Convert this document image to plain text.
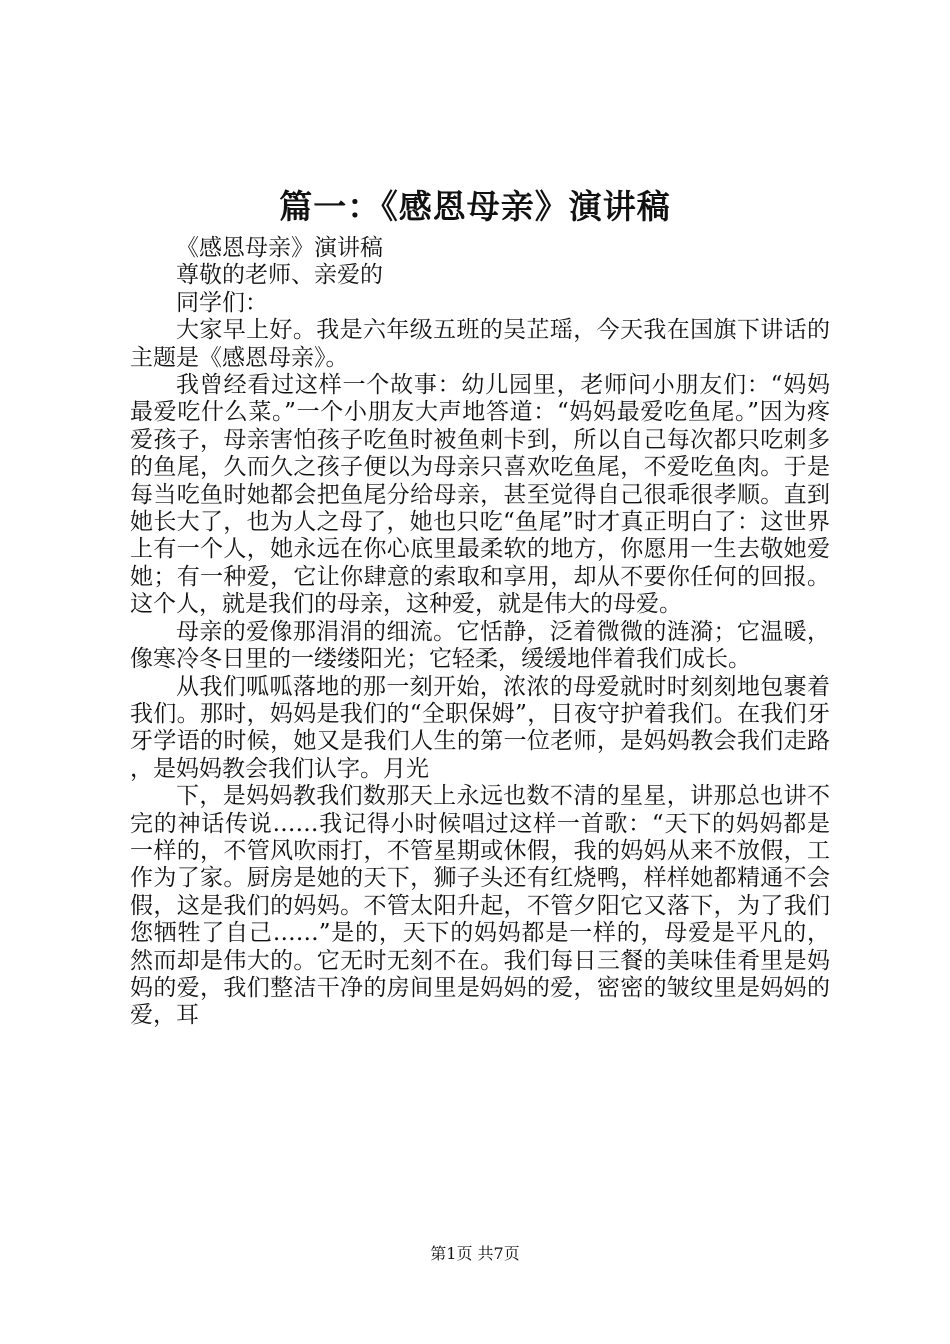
篇一：《感恩母亲》演讲稿

《感恩母亲》演讲稿

尊敬的老师、亲爱的

同学们：

大家早上好。我是六年级五班的吴芷瑶，今天我在国旗下讲话的主题是《感恩母亲》。

我曾经看过这样一个故事：幼儿园里，老师问小朋友们：“妈妈最爱吃什么菜。”一个小朋友大声地答道：“妈妈最爱吃鱼尾。”因为疼爱孩子，母亲害怕孩子吃鱼时被鱼刺卡到，所以自己每次都只吃刺多的鱼尾，久而久之孩子便以为母亲只喜欢吃鱼尾，不爱吃鱼肉。于是每当吃鱼时她都会把鱼尾分给母亲，甚至觉得自己很乖很孝顺。直到她长大了，也为人之母了，她也只吃“鱼尾”时才真正明白了：这世界上有一个人，她永远在你心底里最柔软的地方，你愿用一生去敬她爱她；有一种爱，它让你肆意的索取和享用，却从不要你任何的回报。这个人，就是我们的母亲，这种爱，就是伟大的母爱。

母亲的爱像那涓涓的细流。它恬静，泛着微微的涟漪；它温暖，像寒冷冬日里的一缕缕阳光；它轻柔，缓缓地伴着我们成长。

从我们呱呱落地的那一刻开始，浓浓的母爱就时时刻刻地包裹着我们。那时，妈妈是我们的“全职保姆”，日夜守护着我们。在我们牙牙学语的时候，她又是我们人生的第一位老师，是妈妈教会我们走路，是妈妈教会我们认字。月光

下，是妈妈教我们数那天上永远也数不清的星星，讲那总也讲不完的神话传说……我记得小时候唱过这样一首歌：“天下的妈妈都是一样的，不管风吹雨打，不管星期或休假，我的妈妈从来不放假，工作为了家。厨房是她的天下，狮子头还有红烧鸭，样样她都精通不会假，这是我们的妈妈。不管太阳升起，不管夕阳它又落下，为了我们您牺牲了自己……”是的，天下的妈妈都是一样的，母爱是平凡的，然而却是伟大的。它无时无刻不在。我们每日三餐的美味佳肴里是妈妈的爱，我们整洁干净的房间里是妈妈的爱，密密的皱纹里是妈妈的爱，耳

第1页 共7页
